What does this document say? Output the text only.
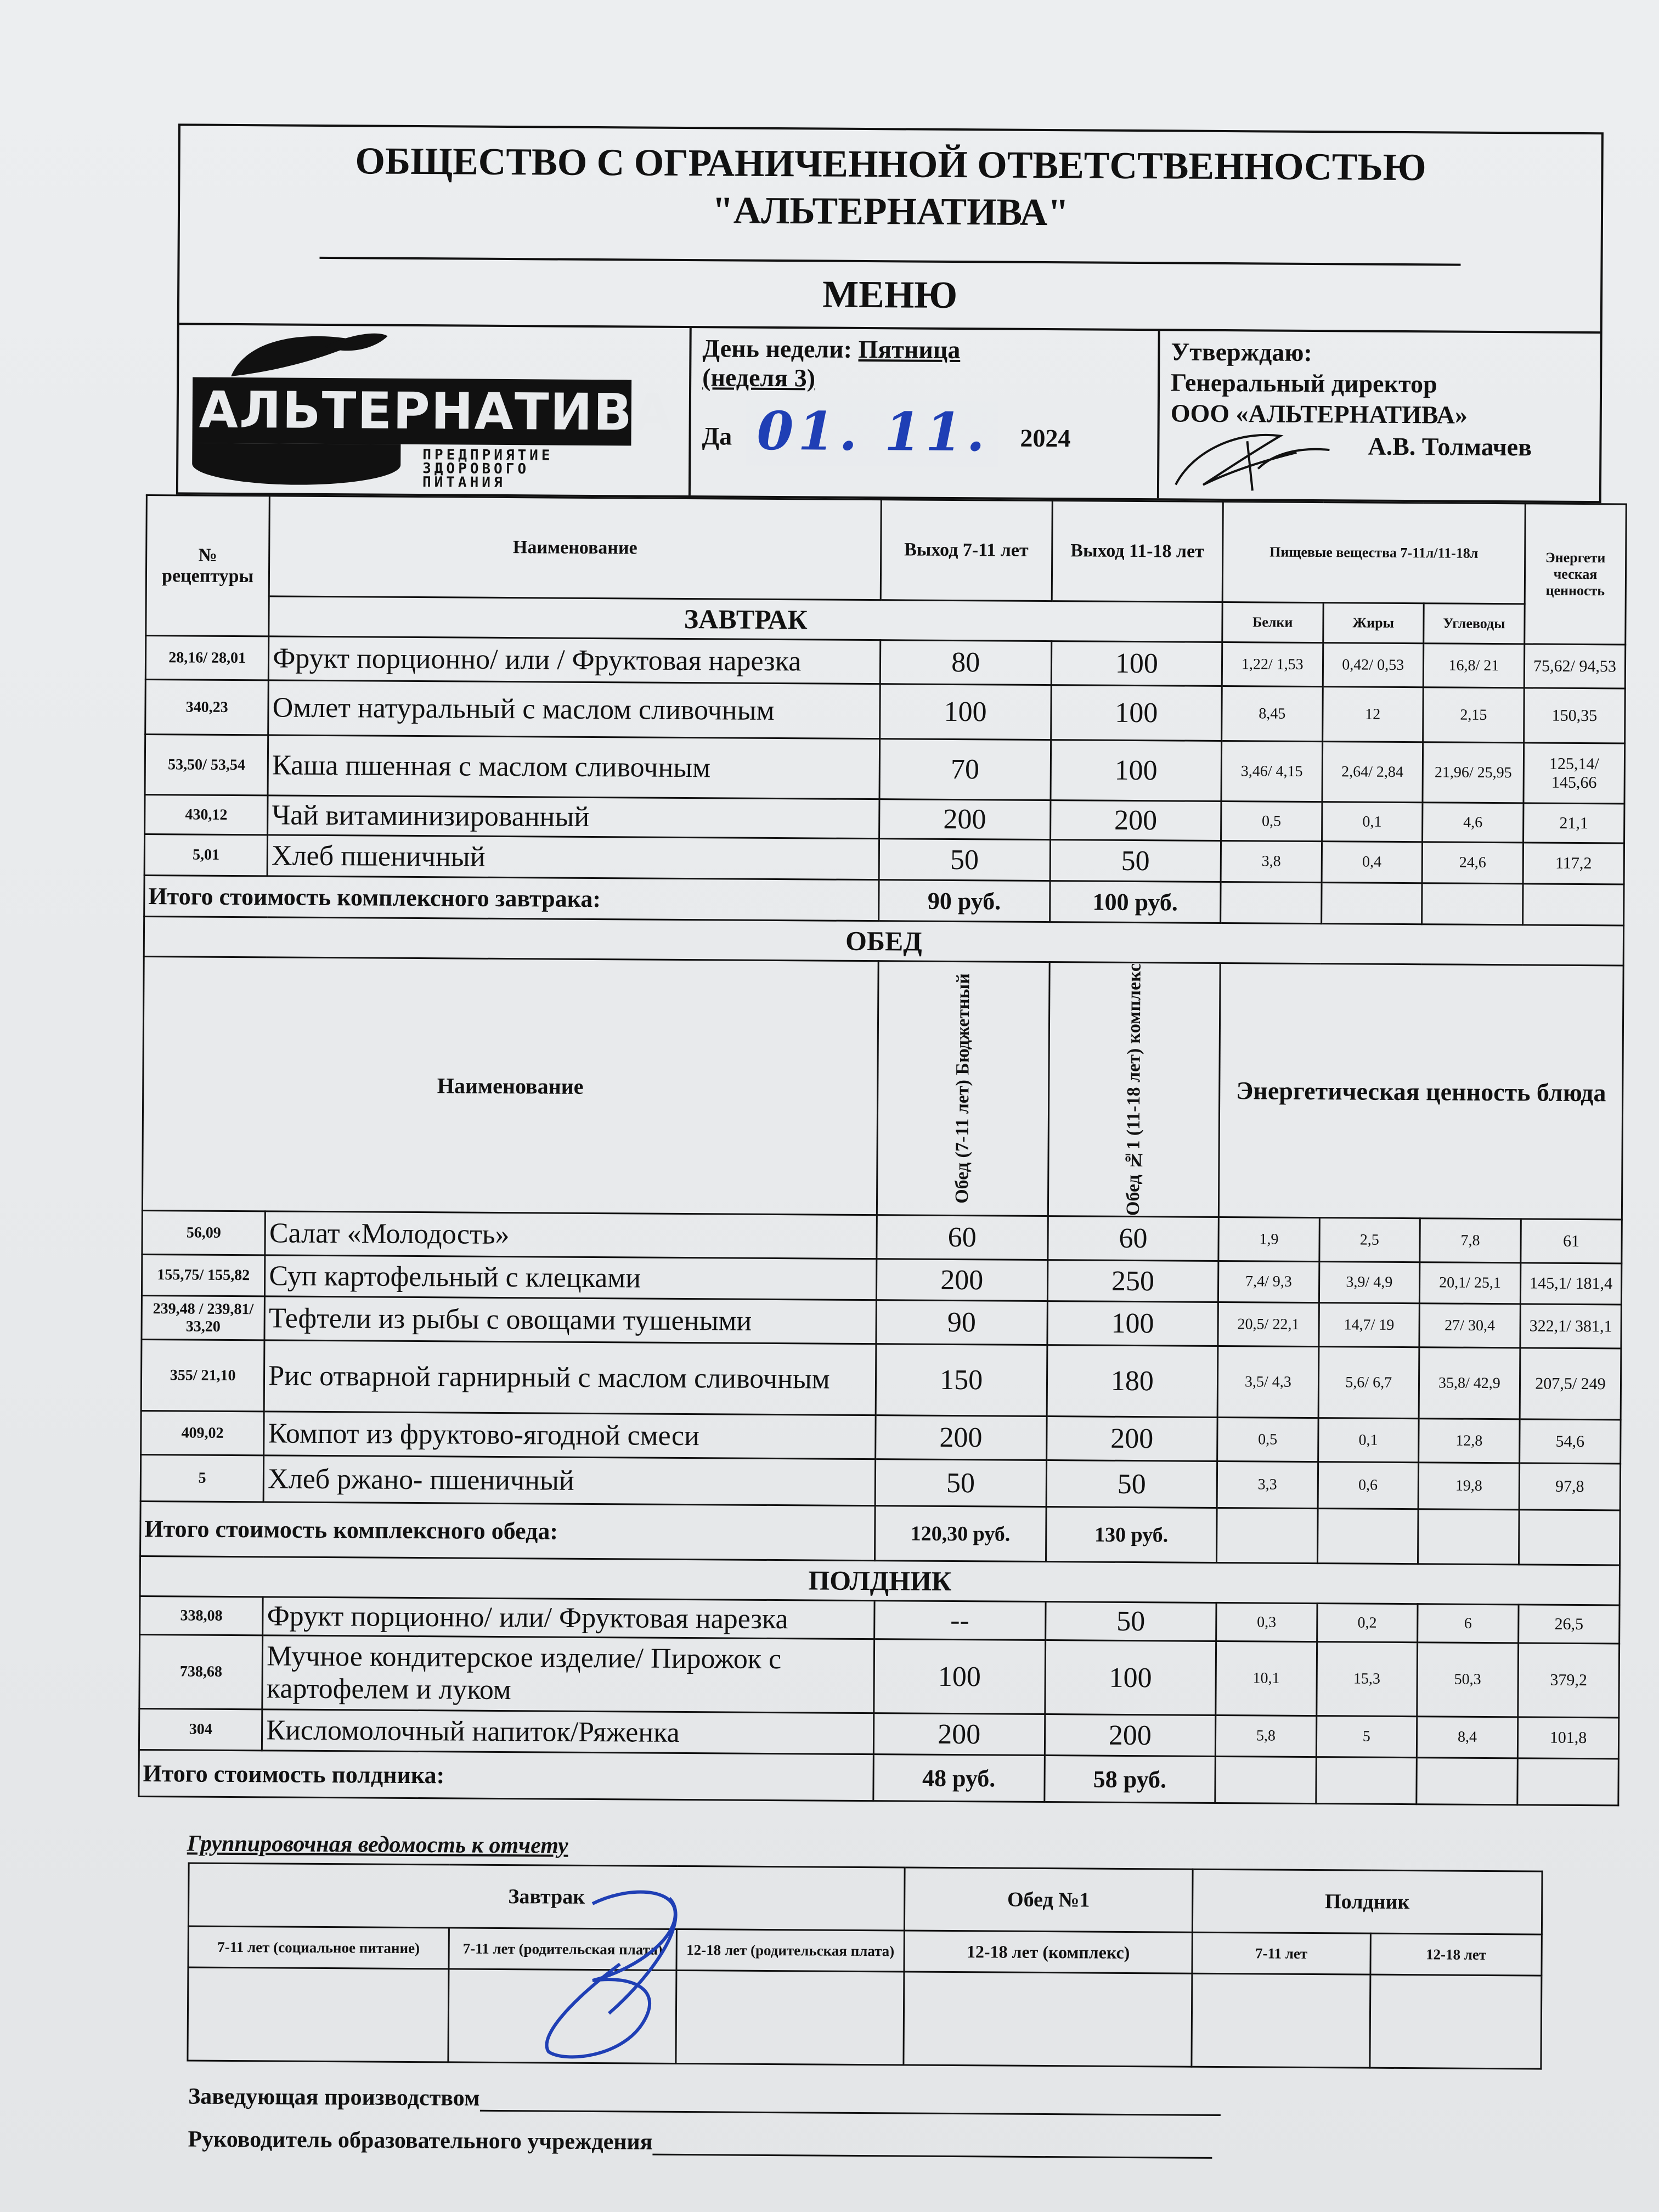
ОБЩЕСТВО С ОГРАНИЧЕННОЙ ОТВЕТСТВЕННОСТЬЮ
"АЛЬТЕРНАТИВА"
МЕНЮ
АЛЬТЕРНАТИВА
ПРЕДПРИЯТИЕ
ЗДОРОВОГО
ПИТАНИЯ
День недели: Пятница
(неделя 3)
Да	2024
01. 11.
Утверждаю:
Генеральный директор
ООО «АЛЬТЕРНАТИВА»
А.В. Толмачев
№ рецептуры	Наименование	Выход 7-11 лет	Выход 11-18 лет	Пищевые вещества 7-11л/11-18л			Энергети ческая ценность
	ЗАВТРАК			Белки	Жиры	Углеводы	
28,16/ 28,01	Фрукт порционно/ или / Фруктовая нарезка	80	100	1,22/ 1,53	0,42/ 0,53	16,8/ 21	75,62/ 94,53
340,23	Омлет натуральный с маслом сливочным	100	100	8,45	12	2,15	150,35
53,50/ 53,54	Каша пшенная с маслом сливочным	70	100	3,46/ 4,15	2,64/ 2,84	21,96/ 25,95	125,14/ 145,66
430,12	Чай витаминизированный	200	200	0,5	0,1	4,6	21,1
5,01	Хлеб пшеничный	50	50	3,8	0,4	24,6	117,2
Итого стоимость комплексного завтрака:		90 руб.	100 руб.				
ОБЕД							
Наименование		Обед (7-11 лет) Бюджетный	Обед №1 (11-18 лет) комплекс	Энергетическая ценность блюда			
56,09	Салат «Молодость»	60	60	1,9	2,5	7,8	61
155,75/ 155,82	Суп картофельный с клецками	200	250	7,4/ 9,3	3,9/ 4,9	20,1/ 25,1	145,1/ 181,4
239,48 / 239,81/ 33,20	Тефтели из рыбы с овощами тушеными	90	100	20,5/ 22,1	14,7/ 19	27/ 30,4	322,1/ 381,1
355/ 21,10	Рис отварной гарнирный с маслом сливочным	150	180	3,5/ 4,3	5,6/ 6,7	35,8/ 42,9	207,5/ 249
409,02	Компот из фруктово-ягодной смеси	200	200	0,5	0,1	12,8	54,6
5	Хлеб ржано- пшеничный	50	50	3,3	0,6	19,8	97,8
Итого стоимость комплексного обеда:		120,30 руб.	130 руб.				
ПОЛДНИК							
338,08	Фрукт порционно/ или/ Фруктовая нарезка	--	50	0,3	0,2	6	26,5
738,68	Мучное кондитерское изделие/ Пирожок с картофелем и луком	100	100	10,1	15,3	50,3	379,2
304	Кисломолочный напиток/Ряженка	200	200	5,8	5	8,4	101,8
Итого стоимость полдника:		48 руб.	58 руб.				
Группировочная ведомость к отчету
Завтрак			Обед №1	Полдник	
7-11 лет (социальное питание)	7-11 лет (родительская плата)	12-18 лет (родительская плата)	12-18 лет (комплекс)	7-11 лет	12-18 лет

Заведующая производством
Руководитель образовательного учреждения
